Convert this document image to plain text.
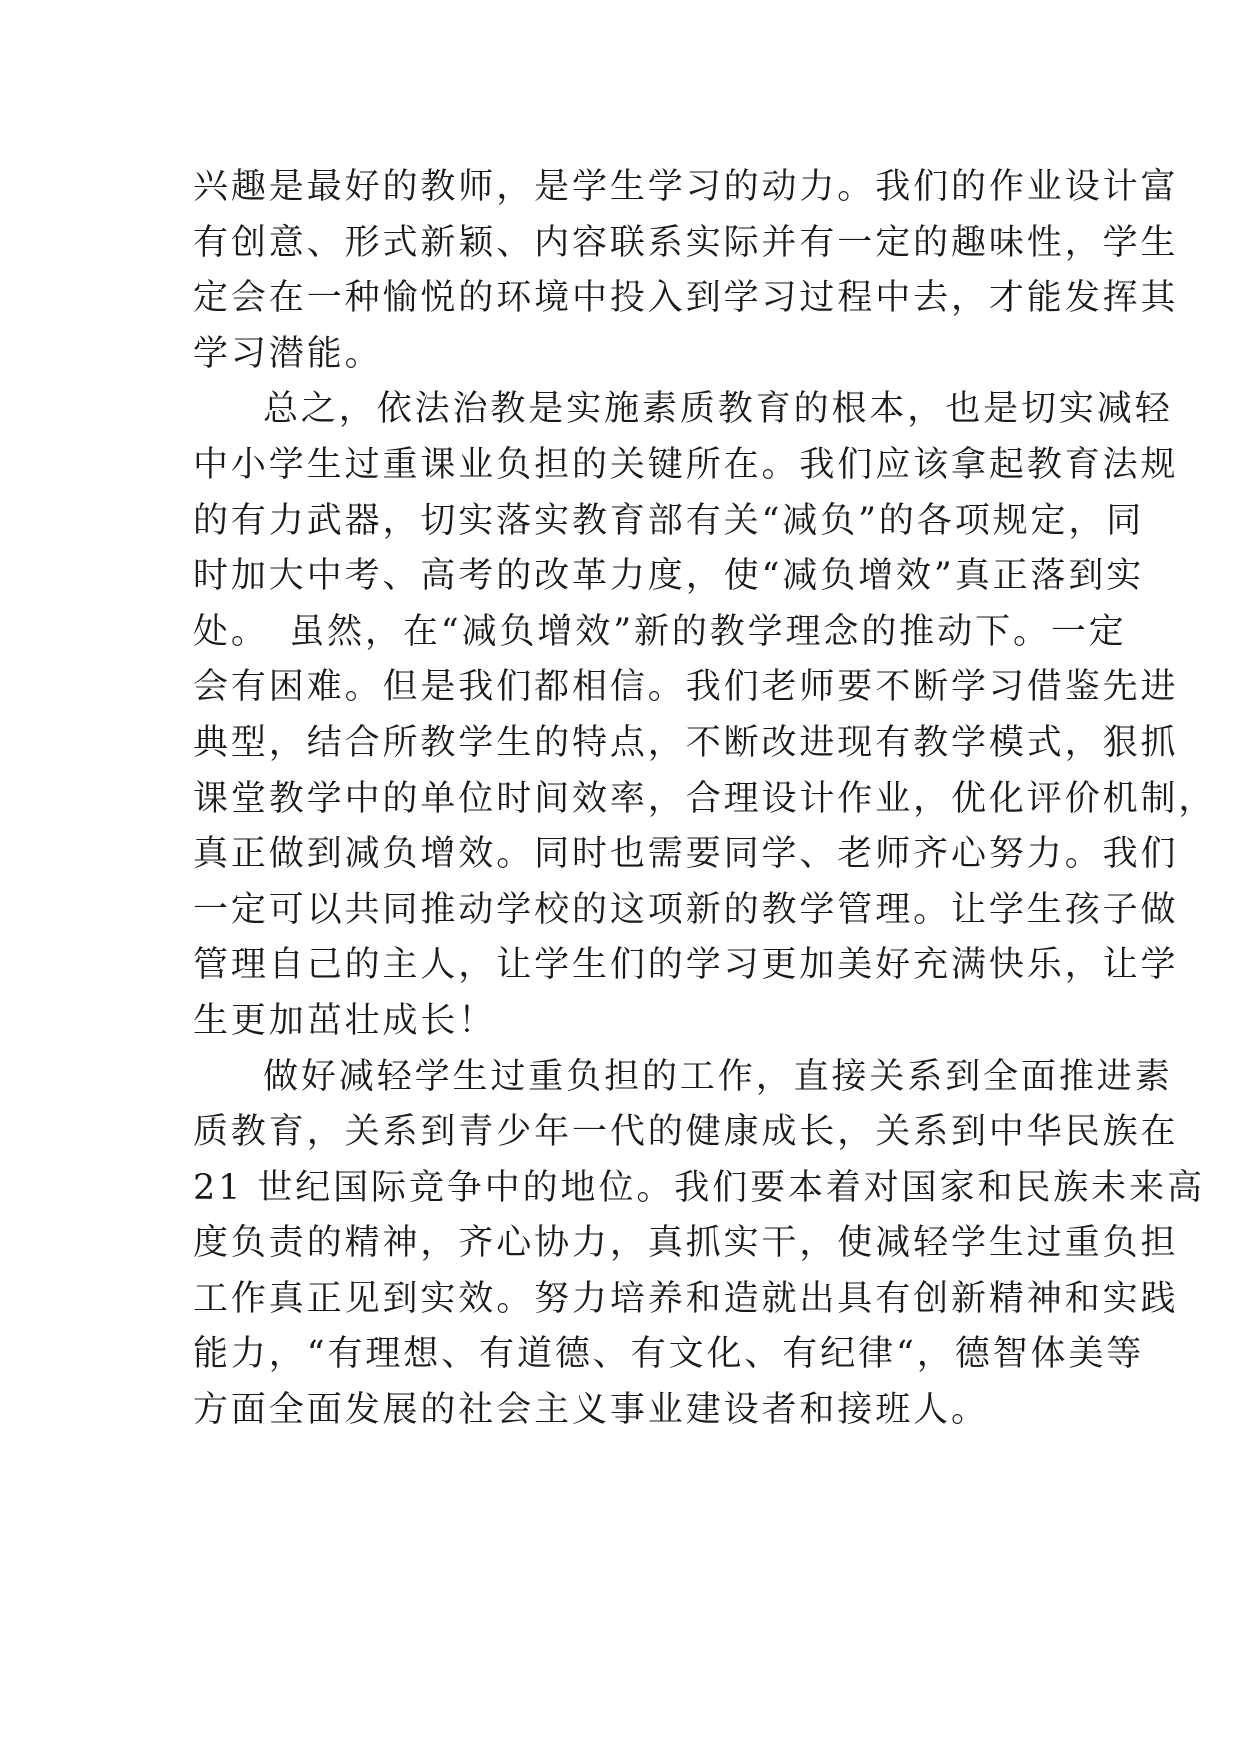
兴趣是最好的教师，是学生学习的动力。我们的作业设计富
有创意、形式新颖、内容联系实际并有一定的趣味性，学生
定会在一种愉悦的环境中投入到学习过程中去，才能发挥其
学习潜能。
总之，依法治教是实施素质教育的根本，也是切实减轻
中小学生过重课业负担的关键所在。我们应该拿起教育法规
的有力武器，切实落实教育部有关“减负”的各项规定，同
时加大中考、高考的改革力度，使“减负增效”真正落到实
处。　虽然，在“减负增效”新的教学理念的推动下。一定
会有困难。但是我们都相信。我们老师要不断学习借鉴先进
典型，结合所教学生的特点，不断改进现有教学模式，狠抓
课堂教学中的单位时间效率，合理设计作业，优化评价机制，
真正做到减负增效。同时也需要同学、老师齐心努力。我们
一定可以共同推动学校的这项新的教学管理。让学生孩子做
管理自己的主人，让学生们的学习更加美好充满快乐，让学
生更加茁壮成长！
做好减轻学生过重负担的工作，直接关系到全面推进素
质教育，关系到青少年一代的健康成长，关系到中华民族在
21 世纪国际竞争中的地位。我们要本着对国家和民族未来高
度负责的精神，齐心协力，真抓实干，使减轻学生过重负担
工作真正见到实效。努力培养和造就出具有创新精神和实践
能力，“有理想、有道德、有文化、有纪律“，德智体美等
方面全面发展的社会主义事业建设者和接班人。
